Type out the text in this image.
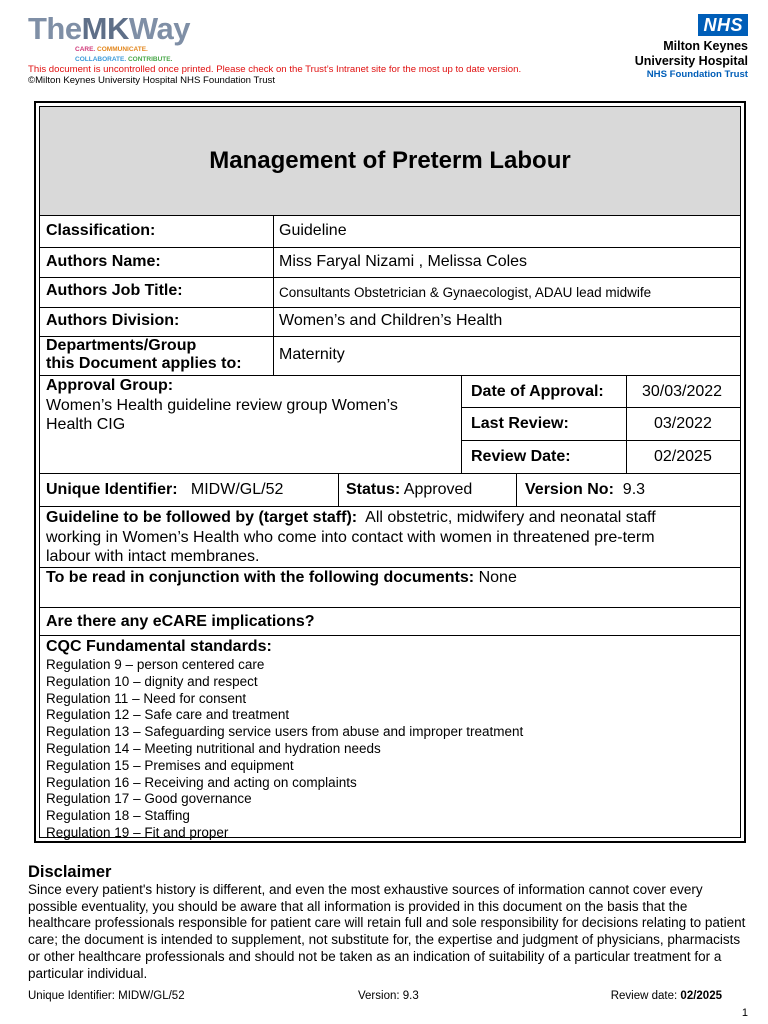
TheMKWay
CARE. COMMUNICATE.
COLLABORATE. CONTRIBUTE.
This document is uncontrolled once printed. Please check on the Trust’s Intranet site for the most up to date version.
©Milton Keynes University Hospital NHS Foundation Trust
NHS
Milton Keynes
University Hospital
NHS Foundation Trust
Management of Preterm Labour
Classification:	Guideline
Authors Name:	Miss Faryal Nizami , Melissa Coles
Authors Job Title:	Consultants Obstetrician & Gynaecologist, ADAU lead midwife
Authors Division:	Women’s and Children’s Health
Departments/Group
this Document applies to:
Maternity
Approval Group:
Women’s Health guideline review group Women’s
Health CIG
Date of Approval: 30/03/2022
Last Review:	03/2022
Review Date:	02/2025
Unique Identifier: MIDW/GL/52	Status: Approved	Version No: 9.3
Guideline to be followed by (target staff): All obstetric, midwifery and neonatal staff
working in Women’s Health who come into contact with women in threatened pre-term
labour with intact membranes.
To be read in conjunction with the following documents: None
Are there any eCARE implications?
CQC Fundamental standards:
Regulation 9 – person centered care
Regulation 10 – dignity and respect
Regulation 11 – Need for consent
Regulation 12 – Safe care and treatment
Regulation 13 – Safeguarding service users from abuse and improper treatment
Regulation 14 – Meeting nutritional and hydration needs
Regulation 15 – Premises and equipment
Regulation 16 – Receiving and acting on complaints
Regulation 17 – Good governance
Regulation 18 – Staffing
Regulation 19 – Fit and proper
Disclaimer
Since every patient's history is different, and even the most exhaustive sources of information cannot cover every possible eventuality, you should be aware that all information is provided in this document on the basis that the healthcare professionals responsible for patient care will retain full and sole responsibility for decisions relating to patient care; the document is intended to supplement, not substitute for, the expertise and judgment of physicians, pharmacists or other healthcare professionals and should not be taken as an indication of suitability of a particular treatment for a particular individual.
Unique Identifier: MIDW/GL/52	Version: 9.3	Review date: 02/2025
1
